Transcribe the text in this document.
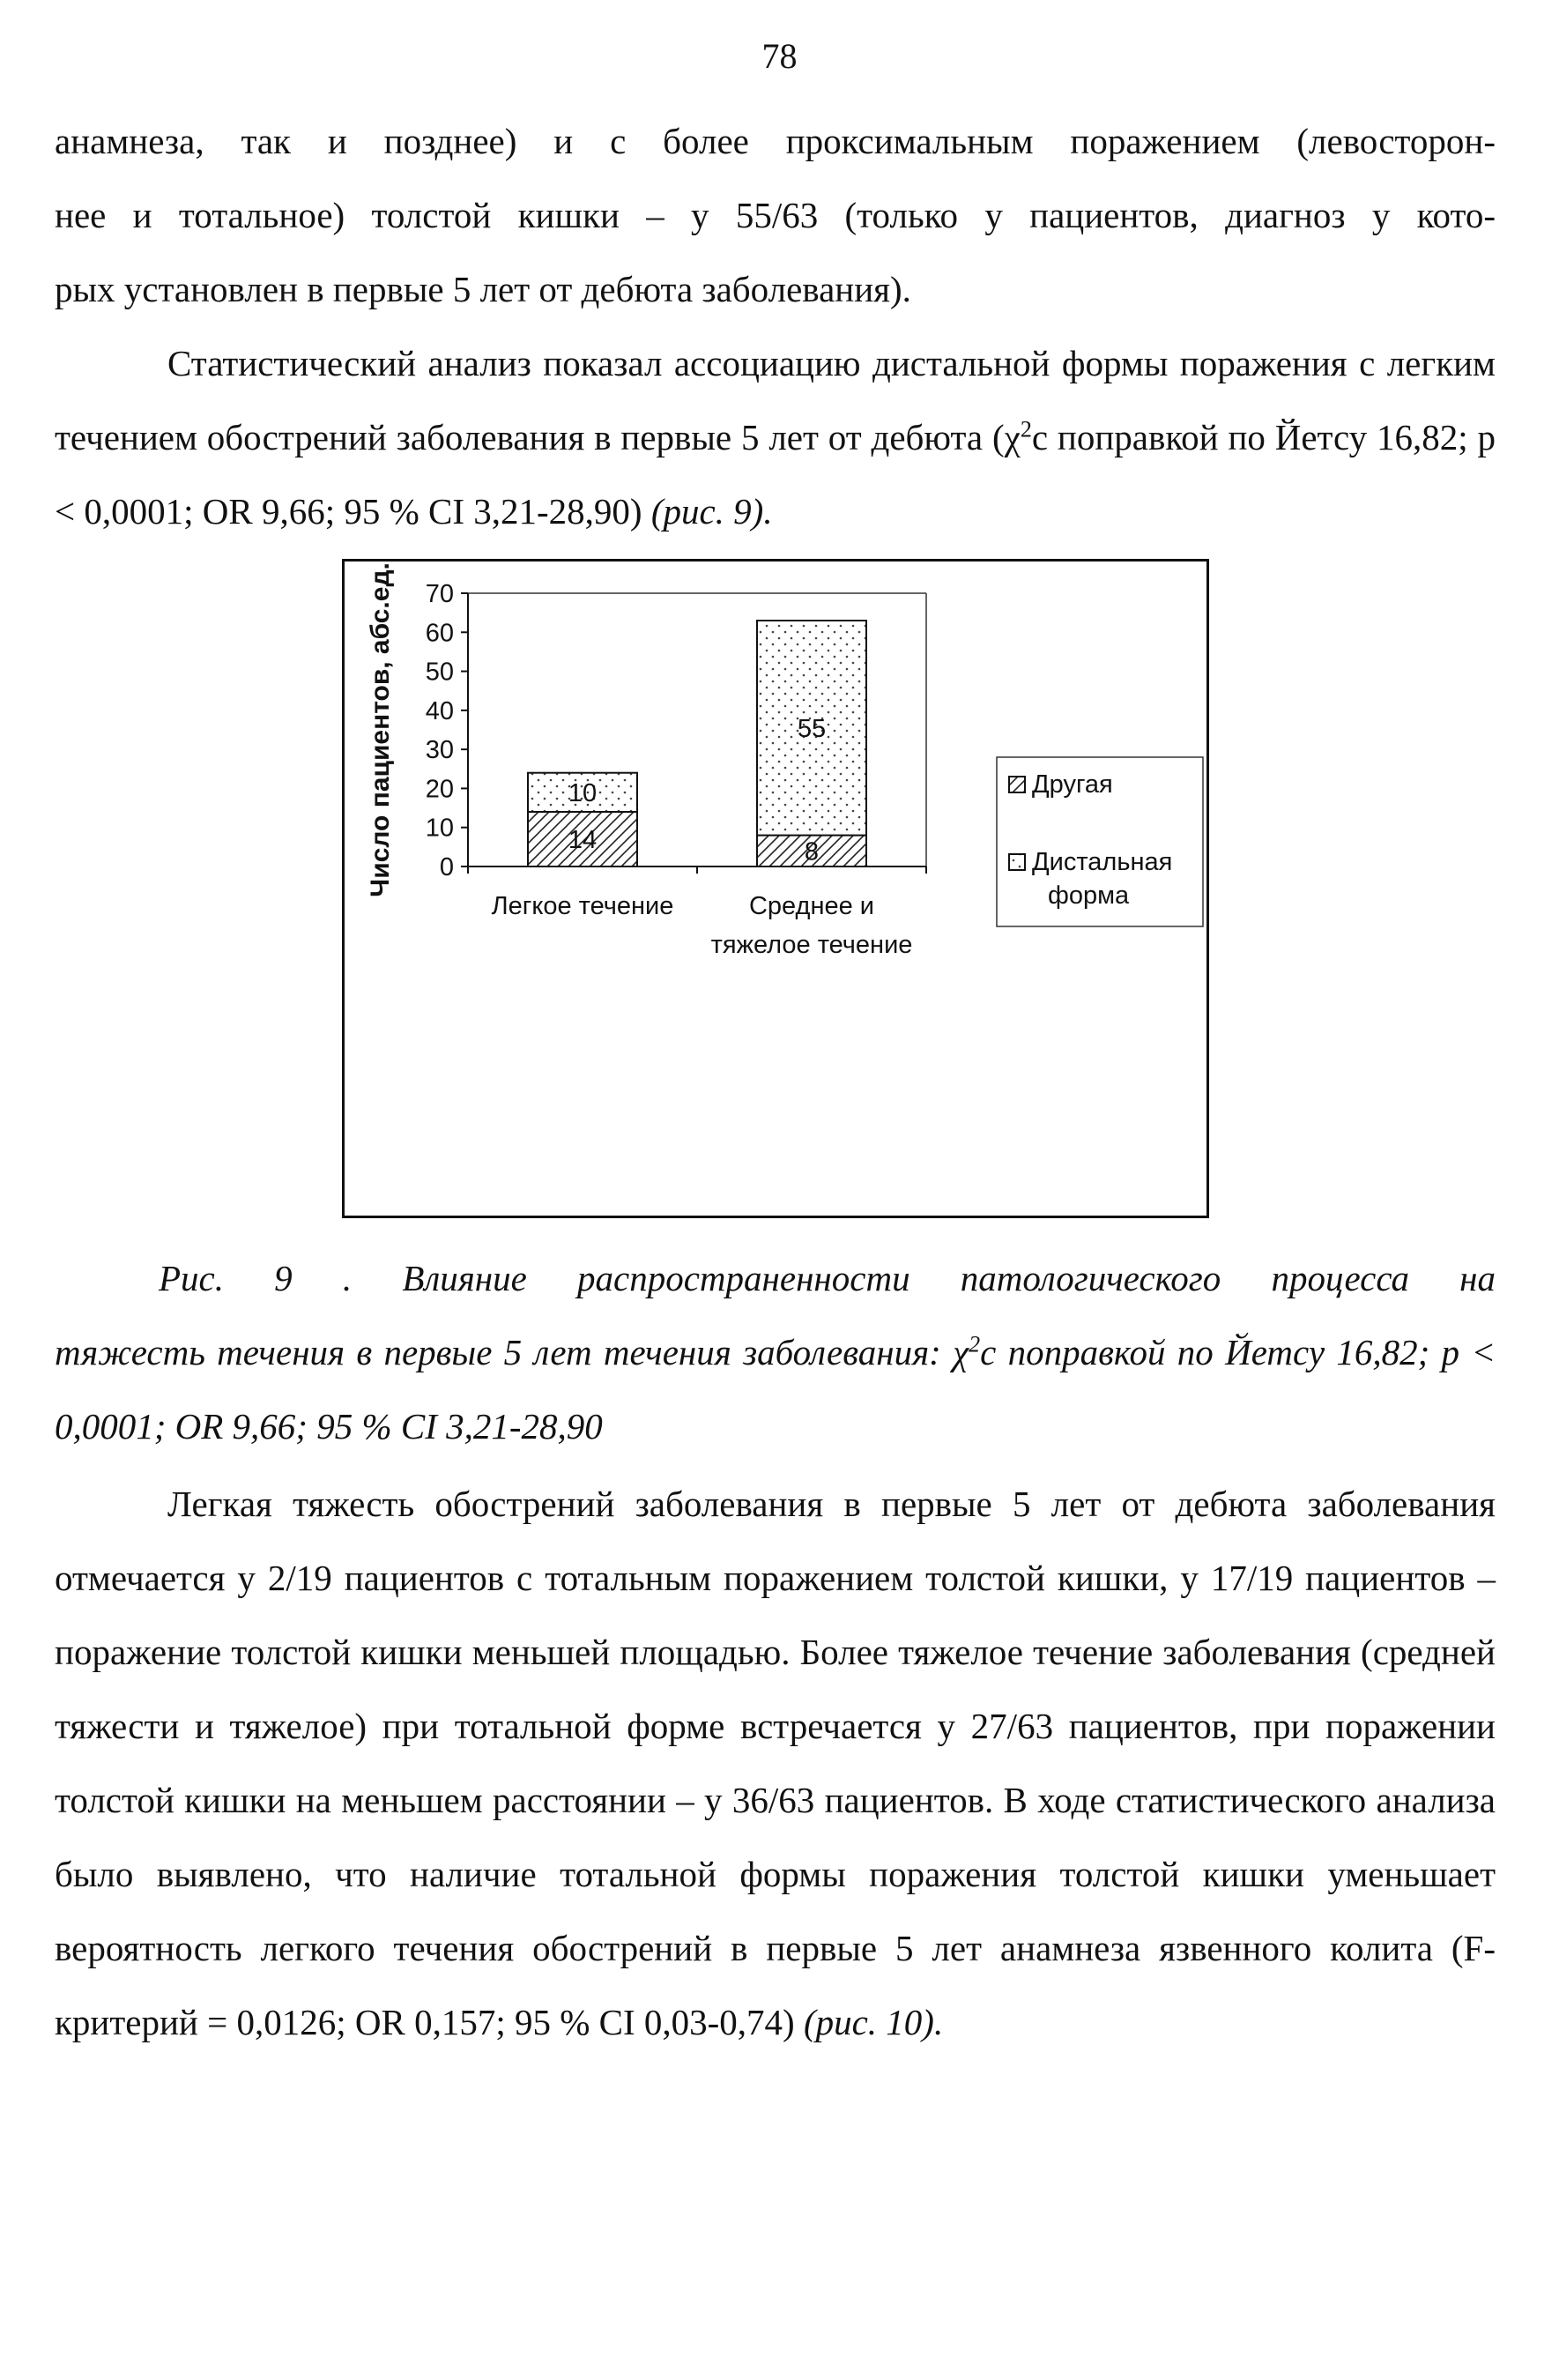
78
анамнеза, так и позднее) и с более проксимальным поражением (левосторон-
нее и тотальное) толстой кишки – у 55/63 (только у пациентов, диагноз у кото-
рых установлен в первые 5 лет от дебюта заболевания).

Статистический анализ показал ассоциацию дистальной формы поражения с легким течением обострений заболевания в первые 5 лет от дебюта ($\chi^2с$ поправкой по Йетсу 16,82; p < 0,0001; OR 9,66; 95 % CI 3,21-28,90) (рис. 9).

0
10
20
30
40
50
60
70
Число пациентов, абс.ед.	14
10
Легкое течение
8
55
Среднее и
тяжелое течение
Другая
Дистальная
форма
Рис. 9 . Влияние распространенности патологического процесса на
тяжесть течения в первые 5 лет течения заболевания: $\chi^2с$ поправкой по Йетсу 16,82; p < 0,0001; OR 9,66; 95 % CI 3,21-28,90

Легкая тяжесть обострений заболевания в первые 5 лет от дебюта заболевания отмечается у 2/19 пациентов с тотальным поражением толстой кишки, у 17/19 пациентов – поражение толстой кишки меньшей площадью. Более тяжелое течение заболевания (средней тяжести и тяжелое) при тотальной форме встречается у 27/63 пациентов, при поражении толстой кишки на меньшем расстоянии – у 36/63 пациентов. В ходе статистического анализа было выявлено, что наличие тотальной формы поражения толстой кишки уменьшает вероятность легкого течения обострений в первые 5 лет анамнеза язвенного колита (F-критерий = 0,0126; OR 0,157; 95 % CI 0,03-0,74) (рис. 10).
